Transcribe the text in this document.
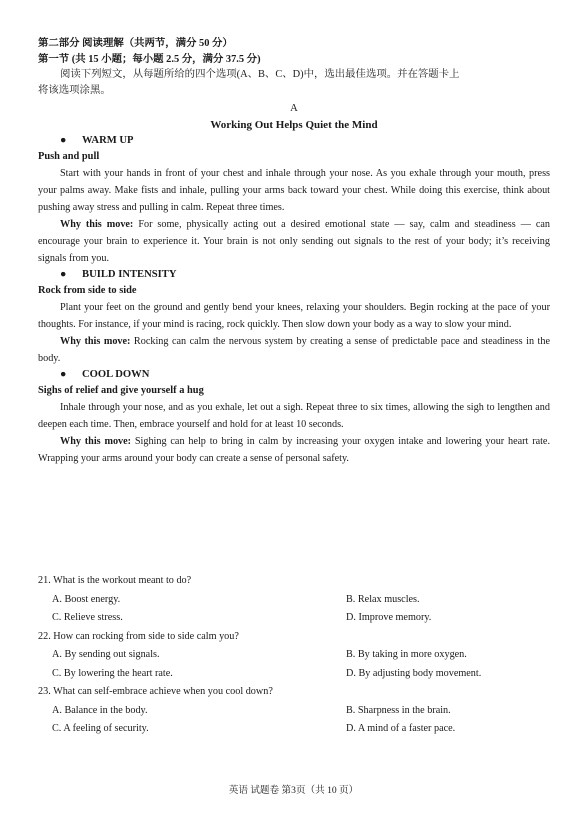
第二部分 阅读理解（共两节，满分 50 分）
第一节 (共 15 小题；每小题 2.5 分，满分 37.5 分)
阅读下列短文，从每题所给的四个选项(A、B、C、D)中，选出最佳选项。并在答题卡上
将该选项涂黑。
A
Working Out Helps Quiet the Mind
● WARM UP
Push and pull

Start with your hands in front of your chest and inhale through your nose. As you exhale through your mouth, press your palms away. Make fists and inhale, pulling your arms back toward your chest. While doing this exercise, think about pushing away stress and pulling in calm. Repeat three times.

Why this move: For some, physically acting out a desired emotional state — say, calm and steadiness — can encourage your brain to experience it. Your brain is not only sending out signals to the rest of your body; it’s receiving signals from you.

● BUILD INTENSITY
Rock from side to side

Plant your feet on the ground and gently bend your knees, relaxing your shoulders. Begin rocking at the pace of your thoughts. For instance, if your mind is racing, rock quickly. Then slow down your body as a way to slow your mind.

Why this move: Rocking can calm the nervous system by creating a sense of predictable pace and steadiness in the body.

● COOL DOWN
Sighs of relief and give yourself a hug

Inhale through your nose, and as you exhale, let out a sigh. Repeat three to six times, allowing the sigh to lengthen and deepen each time. Then, embrace yourself and hold for at least 10 seconds.

Why this move: Sighing can help to bring in calm by increasing your oxygen intake and lowering your heart rate. Wrapping your arms around your body can create a sense of personal safety.

21. What is the workout meant to do?
A. Boost energy.	B. Relax muscles.
C. Relieve stress.	D. Improve memory.
22. How can rocking from side to side calm you?
A. By sending out signals.	B. By taking in more oxygen.
C. By lowering the heart rate.	D. By adjusting body movement.
23. What can self-embrace achieve when you cool down?
A. Balance in the body.	B. Sharpness in the brain.
C. A feeling of security.	D. A mind of a faster pace.
英语 试题卷 第3页（共 10 页）
